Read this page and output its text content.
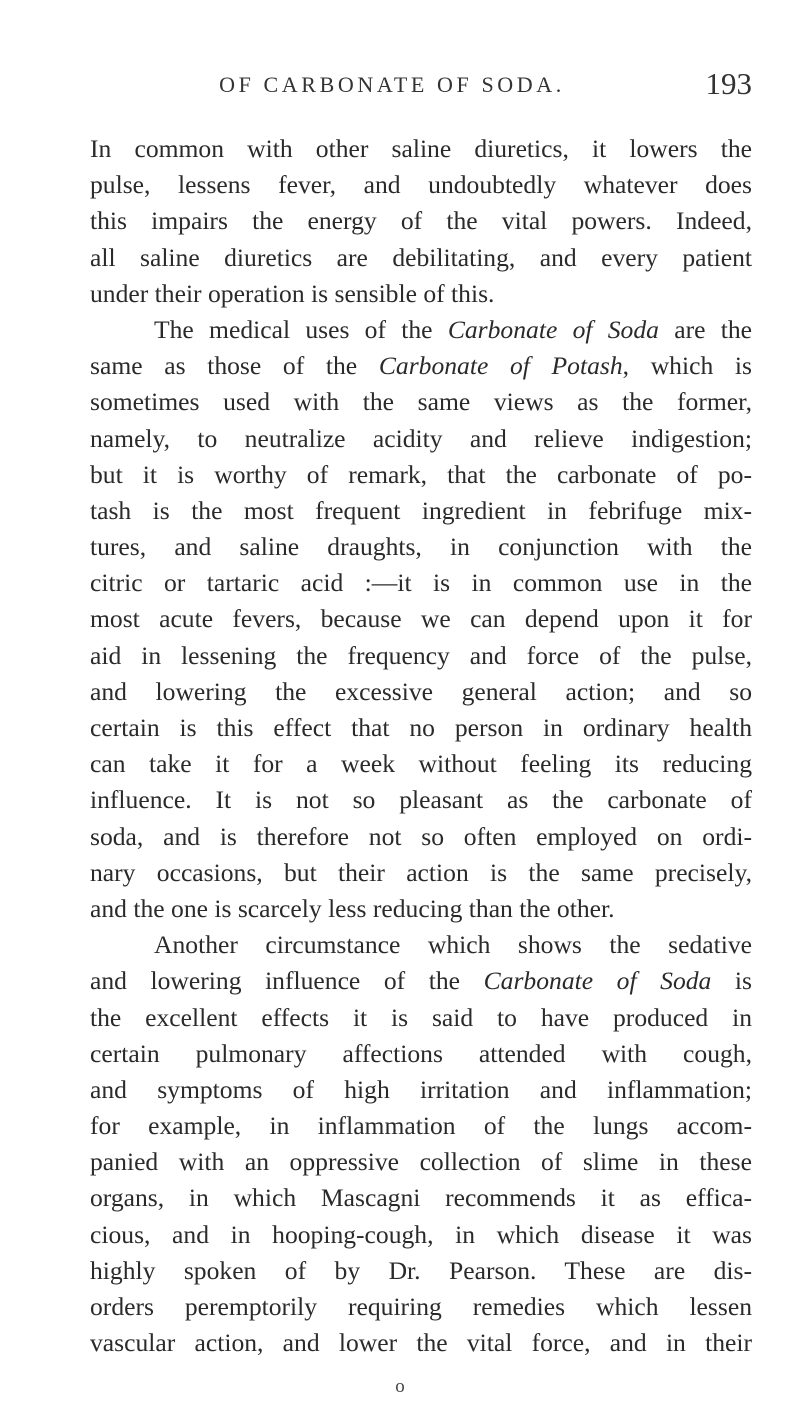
OF CARBONATE OF SODA.	193
In common with other saline diuretics, it lowers the
pulse, lessens fever, and undoubtedly whatever does
this impairs the energy of the vital powers. Indeed,
all saline diuretics are debilitating, and every patient
under their operation is sensible of this.
The medical uses of the Carbonate of Soda are the
same as those of the Carbonate of Potash, which is
sometimes used with the same views as the former,
namely, to neutralize acidity and relieve indigestion;
but it is worthy of remark, that the carbonate of po-
tash is the most frequent ingredient in febrifuge mix-
tures, and saline draughts, in conjunction with the
citric or tartaric acid :—it is in common use in the
most acute fevers, because we can depend upon it for
aid in lessening the frequency and force of the pulse,
and lowering the excessive general action; and so
certain is this effect that no person in ordinary health
can take it for a week without feeling its reducing
influence. It is not so pleasant as the carbonate of
soda, and is therefore not so often employed on ordi-
nary occasions, but their action is the same precisely,
and the one is scarcely less reducing than the other.
Another circumstance which shows the sedative
and lowering influence of the Carbonate of Soda is
the excellent effects it is said to have produced in
certain pulmonary affections attended with cough,
and symptoms of high irritation and inflammation;
for example, in inflammation of the lungs accom-
panied with an oppressive collection of slime in these
organs, in which Mascagni recommends it as effica-
cious, and in hooping-cough, in which disease it was
highly spoken of by Dr. Pearson. These are dis-
orders peremptorily requiring remedies which lessen
vascular action, and lower the vital force, and in their
o
